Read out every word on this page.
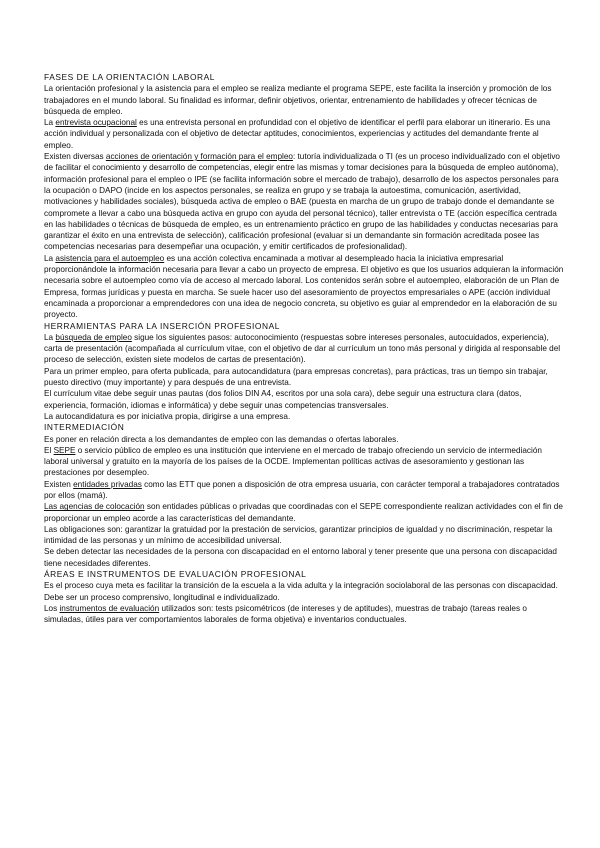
FASES DE LA ORIENTACIÓN LABORAL

La orientación profesional y la asistencia para el empleo se realiza mediante el programa SEPE, este facilita la inserción y promoción de los trabajadores en el mundo laboral. Su finalidad es informar, definir objetivos, orientar, entrenamiento de habilidades y ofrecer técnicas de búsqueda de empleo.

La entrevista ocupacional es una entrevista personal en profundidad con el objetivo de identificar el perfil para elaborar un itinerario. Es una acción individual y personalizada con el objetivo de detectar aptitudes, conocimientos, experiencias y actitudes del demandante frente al empleo.

Existen diversas acciones de orientación y formación para el empleo: tutoría individualizada o TI (es un proceso individualizado con el objetivo de facilitar el conocimiento y desarrollo de competencias, elegir entre las mismas y tomar decisiones para la búsqueda de empleo autónoma), información profesional para el empleo o IPE (se facilita información sobre el mercado de trabajo), desarrollo de los aspectos personales para la ocupación o DAPO (incide en los aspectos personales, se realiza en grupo y se trabaja la autoestima, comunicación, asertividad, motivaciones y habilidades sociales), búsqueda activa de empleo o BAE (puesta en marcha de un grupo de trabajo donde el demandante se compromete a llevar a cabo una búsqueda activa en grupo con ayuda del personal técnico), taller entrevista o TE (acción específica centrada en las habilidades o técnicas de búsqueda de empleo, es un entrenamiento práctico en grupo de las habilidades y conductas necesarias para garantizar el éxito en una entrevista de selección), calificación profesional (evaluar si un demandante sin formación acreditada posee las competencias necesarias para desempeñar una ocupación, y emitir certificados de profesionalidad).

La asistencia para el autoempleo es una acción colectiva encaminada a motivar al desempleado hacia la iniciativa empresarial proporcionándole la información necesaria para llevar a cabo un proyecto de empresa. El objetivo es que los usuarios adquieran la información necesaria sobre el autoempleo como vía de acceso al mercado laboral. Los contenidos serán sobre el autoempleo, elaboración de un Plan de Empresa, formas jurídicas y puesta en marcha. Se suele hacer uso del asesoramiento de proyectos empresariales o APE (acción individual encaminada a proporcionar a emprendedores con una idea de negocio concreta, su objetivo es guiar al emprendedor en la elaboración de su proyecto.

HERRAMIENTAS PARA LA INSERCIÓN PROFESIONAL

La búsqueda de empleo sigue los siguientes pasos: autoconocimiento (respuestas sobre intereses personales, autocuidados, experiencia), carta de presentación (acompañada al currículum vitae, con el objetivo de dar al currículum un tono más personal y dirigida al responsable del proceso de selección, existen siete modelos de cartas de presentación).

Para un primer empleo, para oferta publicada, para autocandidatura (para empresas concretas), para prácticas, tras un tiempo sin trabajar, puesto directivo (muy importante) y para después de una entrevista.

El currículum vitae debe seguir unas pautas (dos folios DIN A4, escritos por una sola cara), debe seguir una estructura clara (datos, experiencia, formación, idiomas e informática) y debe seguir unas competencias transversales.

La autocandidatura es por iniciativa propia, dirigirse a una empresa.

INTERMEDIACIÓN

Es poner en relación directa a los demandantes de empleo con las demandas o ofertas laborales.

El SEPE o servicio público de empleo es una institución que interviene en el mercado de trabajo ofreciendo un servicio de intermediación laboral universal y gratuito en la mayoría de los países de la OCDE. Implementan políticas activas de asesoramiento y gestionan las prestaciones por desempleo.

Existen entidades privadas como las ETT que ponen a disposición de otra empresa usuaria, con carácter temporal a trabajadores contratados por ellos (mamá).

Las agencias de colocación son entidades públicas o privadas que coordinadas con el SEPE correspondiente realizan actividades con el fin de proporcionar un empleo acorde a las características del demandante.

Las obligaciones son: garantizar la gratuidad por la prestación de servicios, garantizar principios de igualdad y no discriminación, respetar la intimidad de las personas y un mínimo de accesibilidad universal.

Se deben detectar las necesidades de la persona con discapacidad en el entorno laboral y tener presente que una persona con discapacidad tiene necesidades diferentes.

ÁREAS E INSTRUMENTOS DE EVALUACIÓN PROFESIONAL

Es el proceso cuya meta es facilitar la transición de la escuela a la vida adulta y la integración sociolaboral de las personas con discapacidad. Debe ser un proceso comprensivo, longitudinal e individualizado.

Los instrumentos de evaluación utilizados son: tests psicométricos (de intereses y de aptitudes), muestras de trabajo (tareas reales o simuladas, útiles para ver comportamientos laborales de forma objetiva) e inventarios conductuales.
